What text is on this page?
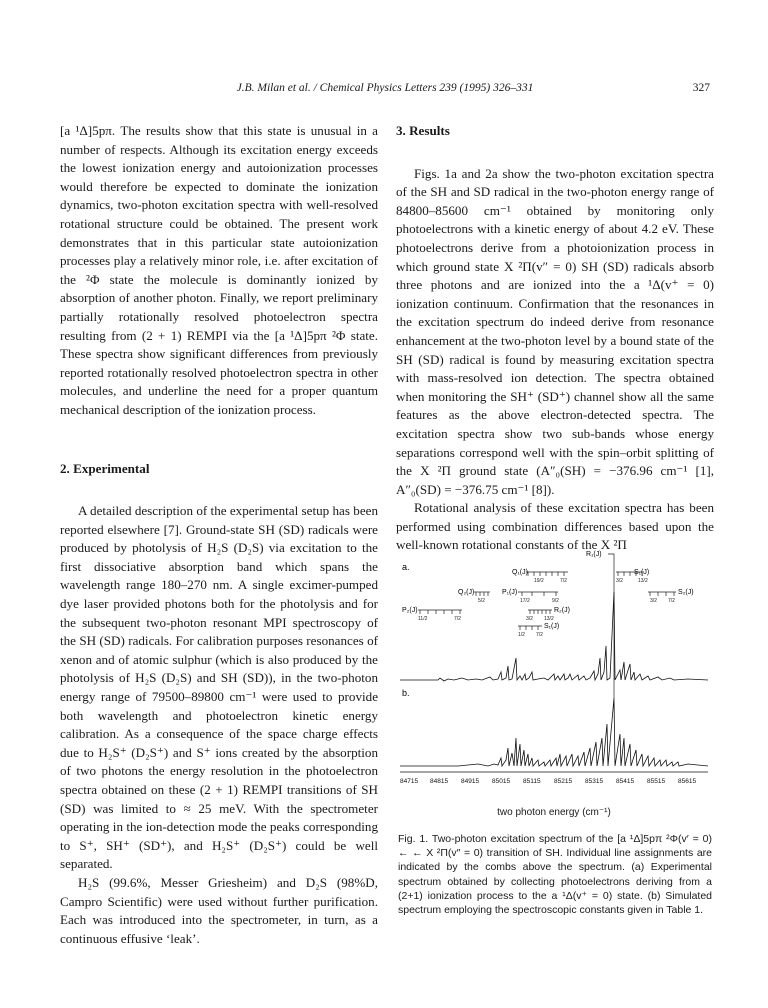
J.B. Milan et al. / Chemical Physics Letters 239 (1995) 326–331	327

[a ¹Δ]5pπ. The results show that this state is unusual in a number of respects. Although its excitation energy exceeds the lowest ionization energy and autoionization processes would therefore be expected to dominate the ionization dynamics, two-photon excitation spectra with well-resolved rotational structure could be obtained. The present work demonstrates that in this particular state autoionization processes play a relatively minor role, i.e. after excitation of the ²Φ state the molecule is dominantly ionized by absorption of another photon. Finally, we report preliminary partially rotationally resolved photoelectron spectra resulting from (2 + 1) REMPI via the [a ¹Δ]5pπ ²Φ state. These spectra show significant differences from previously reported rotationally resolved photoelectron spectra in other molecules, and underline the need for a proper quantum mechanical description of the ionization process.

2. Experimental

A detailed description of the experimental setup has been reported elsewhere [7]. Ground-state SH (SD) radicals were produced by photolysis of H₂S (D₂S) via excitation to the first dissociative absorption band which spans the wavelength range 180–270 nm. A single excimer-pumped dye laser provided photons both for the photolysis and for the subsequent two-photon resonant MPI spectroscopy of the SH (SD) radicals. For calibration purposes resonances of xenon and of atomic sulphur (which is also produced by the photolysis of H₂S (D₂S) and SH (SD)), in the two-photon energy range of 79500–89800 cm⁻¹ were used to provide both wavelength and photoelectron kinetic energy calibration. As a consequence of the space charge effects due to H₂S⁺ (D₂S⁺) and S⁺ ions created by the absorption of two photons the energy resolution in the photoelectron spectra obtained on these (2 + 1) REMPI transitions of SH (SD) was limited to ≈ 25 meV. With the spectrometer operating in the ion-detection mode the peaks corresponding to S⁺, SH⁺ (SD⁺), and H₂S⁺ (D₂S⁺) could be well separated.

H₂S (99.6%, Messer Griesheim) and D₂S (98%D, Campro Scientific) were used without further purification. Each was introduced into the spectrometer, in turn, as a continuous effusive ‘leak’.

3. Results

Figs. 1a and 2a show the two-photon excitation spectra of the SH and SD radical in the two-photon energy range of 84800–85600 cm⁻¹ obtained by monitoring only photoelectrons with a kinetic energy of about 4.2 eV. These photoelectrons derive from a photoionization process in which ground state X ²Π(v″ = 0) SH (SD) radicals absorb three photons and are ionized into the a ¹Δ(v⁺ = 0) ionization continuum. Confirmation that the resonances in the excitation spectrum do indeed derive from resonance enhancement at the two-photon level by a bound state of the SH (SD) radical is found by measuring excitation spectra with mass-resolved ion detection. The spectra obtained when monitoring the SH⁺ (SD⁺) channel show all the same features as the above electron-detected spectra. The excitation spectra show two sub-bands whose energy separations correspond well with the spin–orbit splitting of the X ²Π ground state (A″₀(SH) = −376.96 cm⁻¹ [1], A″₀(SD) = −376.75 cm⁻¹ [8]).

Rotational analysis of these excitation spectra has been performed using combination differences based upon the well-known rotational constants of the X ²Π

a.
b.
R₁(J)
Q₁(J)	S₁(J)
Q₂(J)	P₁(J)	S₂(J)
P₂(J)	R₂(J)
S₁(J)
19/2	7/2	3/2	13/2
5/2	17/2	9/2	3/2 7/2
11/2	7/2	3/2 13/2
1/2 7/2
84715 84815 84915 85015 85115 85215 85315 85415 85515 85615
two photon energy (cm⁻¹)
Fig. 1. Two-photon excitation spectrum of the [a ¹Δ]5pπ ²Φ(v′ = 0) ← ← X ²Π(v″ = 0) transition of SH. Individual line assignments are indicated by the combs above the spectrum. (a) Experimental spectrum obtained by collecting photoelectrons deriving from a (2+1) ionization process to the a ¹Δ(v⁺ = 0) state. (b) Simulated spectrum employing the spectroscopic constants given in Table 1.
